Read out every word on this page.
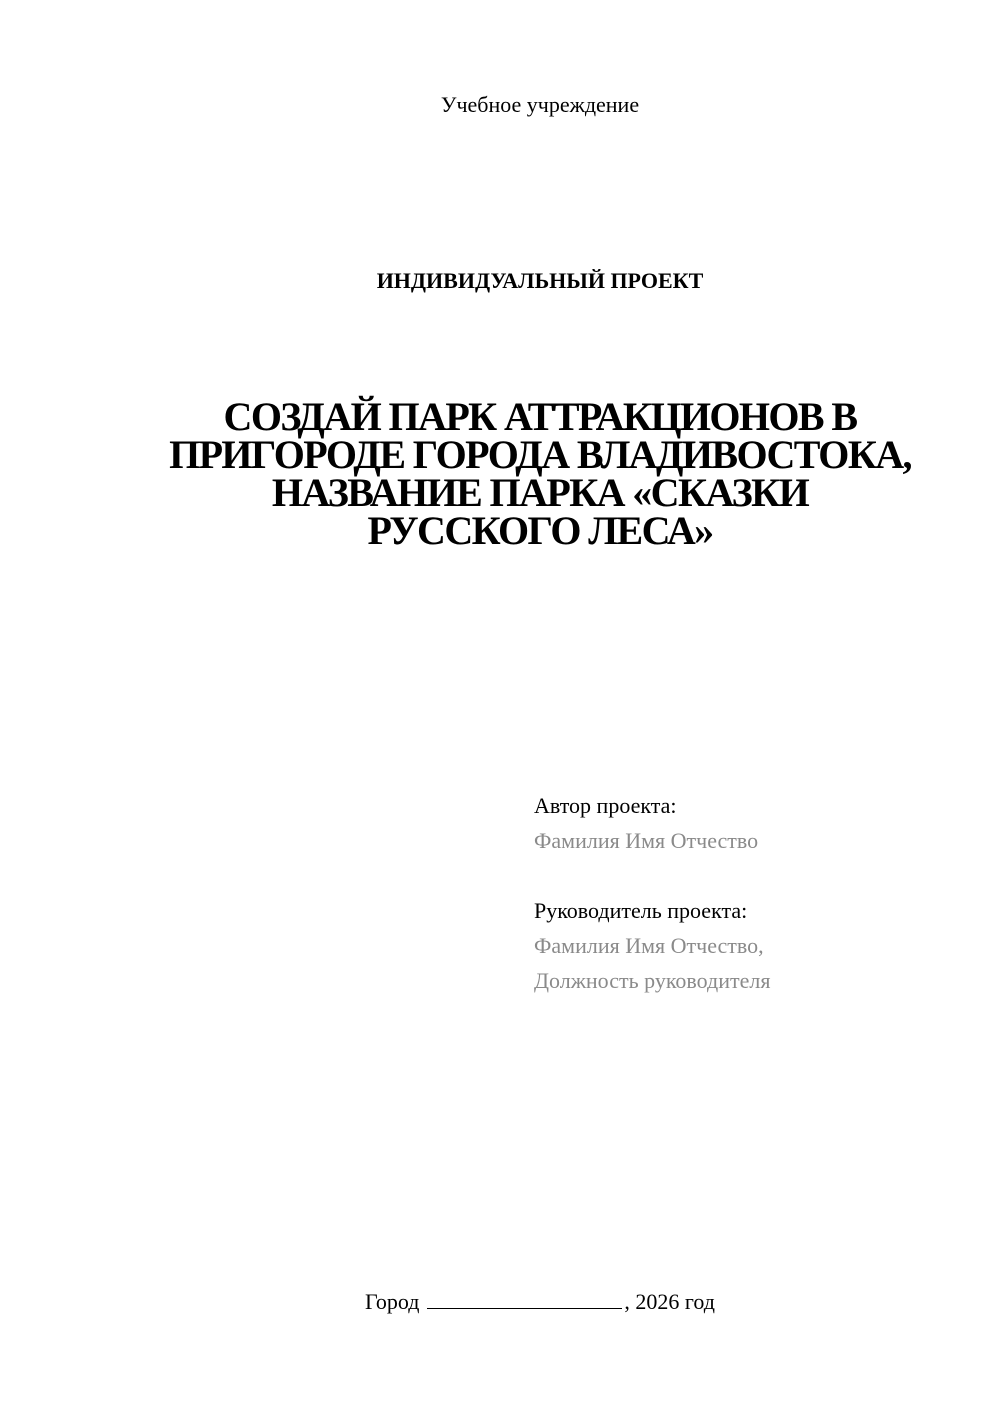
Учебное учреждение
ИНДИВИДУАЛЬНЫЙ ПРОЕКТ
СОЗДАЙ ПАРК АТТРАКЦИОНОВ В
ПРИГОРОДЕ ГОРОДА ВЛАДИВОСТОКА,
НАЗВАНИЕ ПАРКА «СКАЗКИ
РУССКОГО ЛЕСА»
Автор проекта:
Фамилия Имя Отчество
Руководитель проекта:
Фамилия Имя Отчество,
Должность руководителя
Город	, 2026 год
